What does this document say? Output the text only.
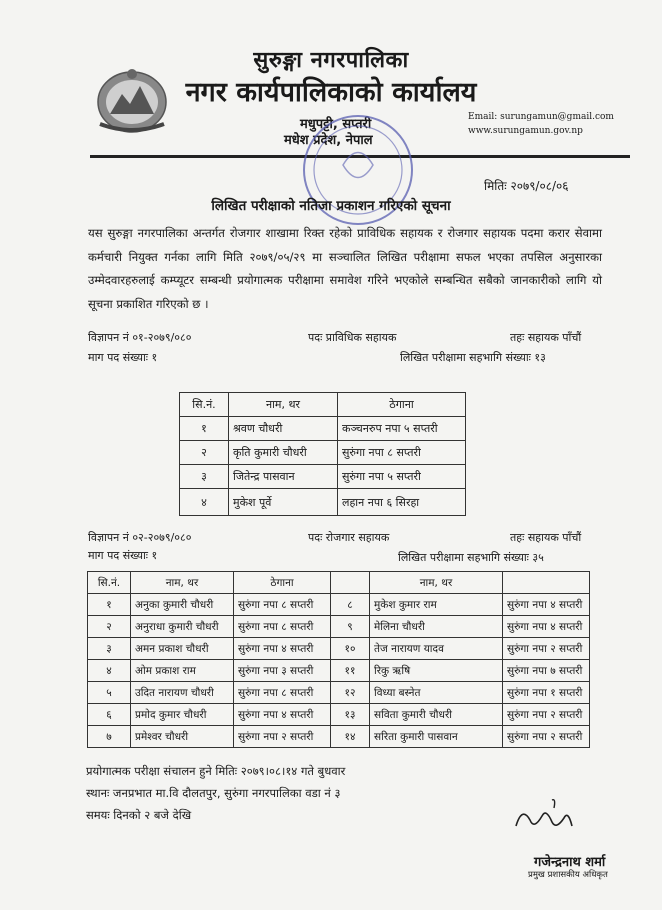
सुरुङ्गा नगरपालिका
नगर कार्यपालिकाको कार्यालय
मधुपट्टी, सप्तरी
मधेश प्रदेश, नेपाल
Email: surungamun@gmail.com
www.surungamun.gov.np
मितिः २०७९/०८/०६
लिखित परीक्षाको नतिजा प्रकाशन गरिएको सूचना
यस सुरुङ्गा नगरपालिका अन्तर्गत रोजगार शाखामा रिक्त रहेको प्राविधिक सहायक र रोजगार सहायक पदमा करार सेवामा कर्मचारी नियुक्त गर्नका लागि मिति २०७९/०५/२९ मा सञ्चालित लिखित परीक्षामा सफल भएका तपसिल अनुसारका उम्मेदवारहरुलाई कम्प्यूटर सम्बन्धी प्रयोगात्मक परीक्षामा समावेश गरिने भएकोले सम्बन्धित सबैको जानकारीको लागि यो सूचना प्रकाशित गरिएको छ ।
विज्ञापन नं ०१-२०७९/०८०	पदः प्राविधिक सहायक	तहः सहायक पाँचौं
माग पद संख्याः १	लिखित परीक्षामा सहभागि संख्याः १३
सि.नं.	नाम, थर	ठेगाना
१	श्रवण चौधरी	कञ्चनरुप नपा ५ सप्तरी
२	कृति कुमारी चौधरी	सुरुंगा नपा ८ सप्तरी
३	जितेन्द्र पासवान	सुरुंगा नपा ५ सप्तरी
४	मुकेश पूर्वे	लहान नपा ६ सिरहा
विज्ञापन नं ०२-२०७९/०८०	पदः रोजगार सहायक	तहः सहायक पाँचौं
माग पद संख्याः १	लिखित परीक्षामा सहभागि संख्याः ३५
सि.नं.	नाम, थर	ठेगाना		नाम, थर	
१	अनुका कुमारी चौधरी	सुरुंगा नपा ८ सप्तरी	८	मुकेश कुमार राम	सुरुंगा नपा ४ सप्तरी
२	अनुराधा कुमारी चौधरी	सुरुंगा नपा ८ सप्तरी	९	मेलिना चौधरी	सुरुंगा नपा ४ सप्तरी
३	अमन प्रकाश चौधरी	सुरुंगा नपा ४ सप्तरी	१०	तेज नारायण यादव	सुरुंगा नपा २ सप्तरी
४	ओम प्रकाश राम	सुरुंगा नपा ३ सप्तरी	११	रिकु ऋषि	सुरुंगा नपा ७ सप्तरी
५	उदित नारायण चौधरी	सुरुंगा नपा ८ सप्तरी	१२	विध्या बस्नेत	सुरुंगा नपा १ सप्तरी
६	प्रमोद कुमार चौधरी	सुरुंगा नपा ४ सप्तरी	१३	सविता कुमारी चौधरी	सुरुंगा नपा २ सप्तरी
७	प्रमेश्वर चौधरी	सुरुंगा नपा २ सप्तरी	१४	सरिता कुमारी पासवान	सुरुंगा नपा २ सप्तरी
प्रयोगात्मक परीक्षा संचालन हुने मितिः २०७९।०८।१४ गते बुधवार
स्थानः जनप्रभात मा.वि दौलतपुर, सुरुंगा नगरपालिका वडा नं ३
समयः दिनको २ बजे देखि
गजेन्द्रनाथ शर्मा
प्रमुख प्रशासकीय अधिकृत
